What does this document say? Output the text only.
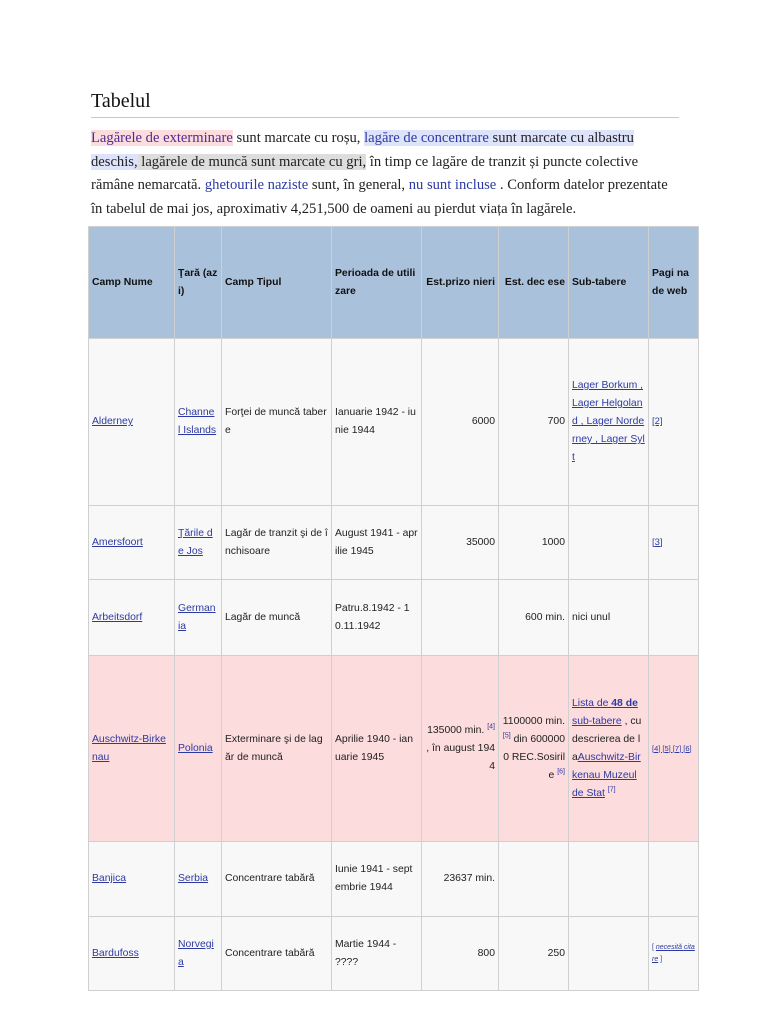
Tabelul

Lagărele de exterminare sunt marcate cu roșu, lagăre de concentrare sunt marcate cu albastru deschis, lagărele de muncă sunt marcate cu gri, în timp ce lagăre de tranzit și puncte colective rămâne nemarcată. ghetourile naziste sunt, în general, nu sunt incluse . Conform datelor prezentate în tabelul de mai jos, aproximativ 4,251,500 de oameni au pierdut viața în lagărele.

Camp Nume	Ţară (azi)	Camp Tipul	Perioada de utilizare	Est.prizo nieri	Est. dec ese	Sub-tabere	Pagi na de web
Alderney	Channe l Islands	Forţei de muncă tabere	Ianuarie 1942 - iunie 1944	6000	700	Lager Borkum , Lager Helgoland , Lager Norderney , Lager Sylt	[2]
Amersfoort	Ţările de Jos	Lagăr de tranzit şi de închisoare	August 1941 - aprilie 1945	35000	1000		[3]
Arbeitsdorf	German ia	Lagăr de muncă	Patru.8.1942 - 10.11.1942		600 min.	nici unul	
Auschwitz-Birkenau	Polonia	Exterminare şi de lagăr de muncă	Aprilie 1940 - ianuarie 1945	135000 min. [4] , în august 1944	1100000 min. [5] din 6000000 REC.Sosirile [6]	Lista de 48 de sub-tabere , cu descrierea de laAuschwitz-Birkenau Muzeul de Stat [7]	[4] [5] [7] [6]
Banjica	Serbia	Concentrare tabără	Iunie 1941 - septembrie 1944	23637 min.			
Bardufoss	Norvegia	Concentrare tabără	Martie 1944 - ????	800	250		[ necesită citare ]
